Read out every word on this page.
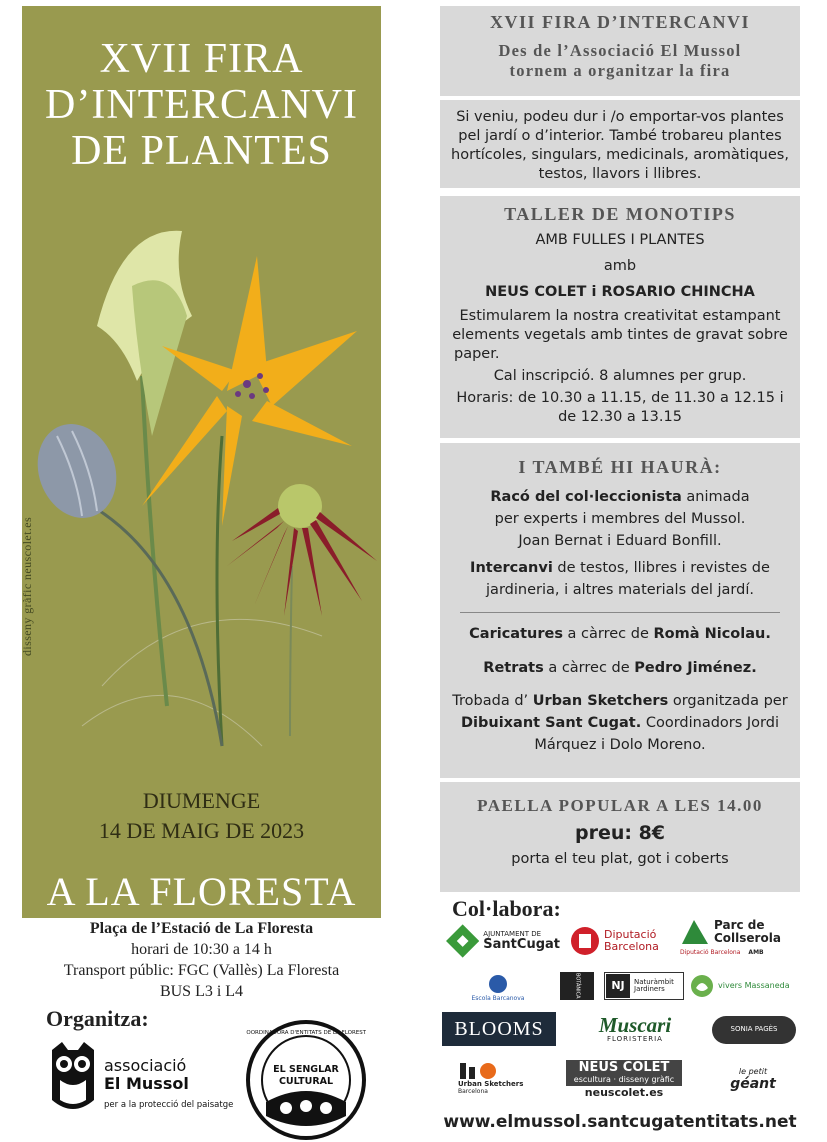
XVII FIRA
D’INTERCANVI
DE PLANTES
disseny gràfic neuscolet.es
DIUMENGE
14 DE MAIG DE 2023
A LA FLORESTA
Plaça de l’Estació de La Floresta
horari de 10:30 a 14 h
Transport públic: FGC (Vallès) La Floresta
BUS L3 i L4
Organitza:
associació
El Mussol
per a la protecció del paisatge
COORDINADORA D'ENTITATS DE LA FLORESTA
EL SENGLAR
CULTURAL
XVII FIRA D’INTERCANVI
Des de l’Associació El Mussol
tornem a organitzar la fira
Si veniu, podeu dur i /o emportar-vos plantes
pel jardí o d’interior. També trobareu plantes
hortícoles, singulars, medicinals, aromàtiques,
testos, llavors i llibres.
TALLER DE MONOTIPS
AMB FULLES I PLANTES
amb
NEUS COLET i ROSARIO CHINCHA
Estimularem la nostra creativitat estampant
elements vegetals amb tintes de gravat sobre
paper.
Cal inscripció. 8 alumnes per grup.
Horaris: de 10.30 a 11.15, de 11.30 a 12.15 i
de 12.30 a 13.15
I TAMBÉ HI HAURÀ:
Racó del col·leccionista animada
per experts i membres del Mussol.
Joan Bernat i Eduard Bonfill.
Intercanvi de testos, llibres i revistes de
jardineria, i altres materials del jardí.
Caricatures a càrrec de Romà Nicolau.
Retrats a càrrec de Pedro Jiménez.
Trobada d’ Urban Sketchers organitzada per
Dibuixant Sant Cugat. Coordinadors Jordi
Márquez i Dolo Moreno.
PAELLA POPULAR A LES 14.00
preu: 8€
porta el teu plat, got i coberts
Col·labora:
AJUNTAMENT DE
SantCugat
Diputació
Barcelona
Parc de
Collserola
Diputació Barcelona AMB
Escola Barcanova	BOTÀNICA	NJ	Naturàmbit
Jardiners	vivers Massaneda
BLOOMS	Muscari
FLORISTERIA
SONIA PAGÈS
Urban Sketchers
Barcelona
NEUS COLET
escultura · disseny gràfic
neuscolet.es
le petit
géant
www.elmussol.santcugatentitats.net
